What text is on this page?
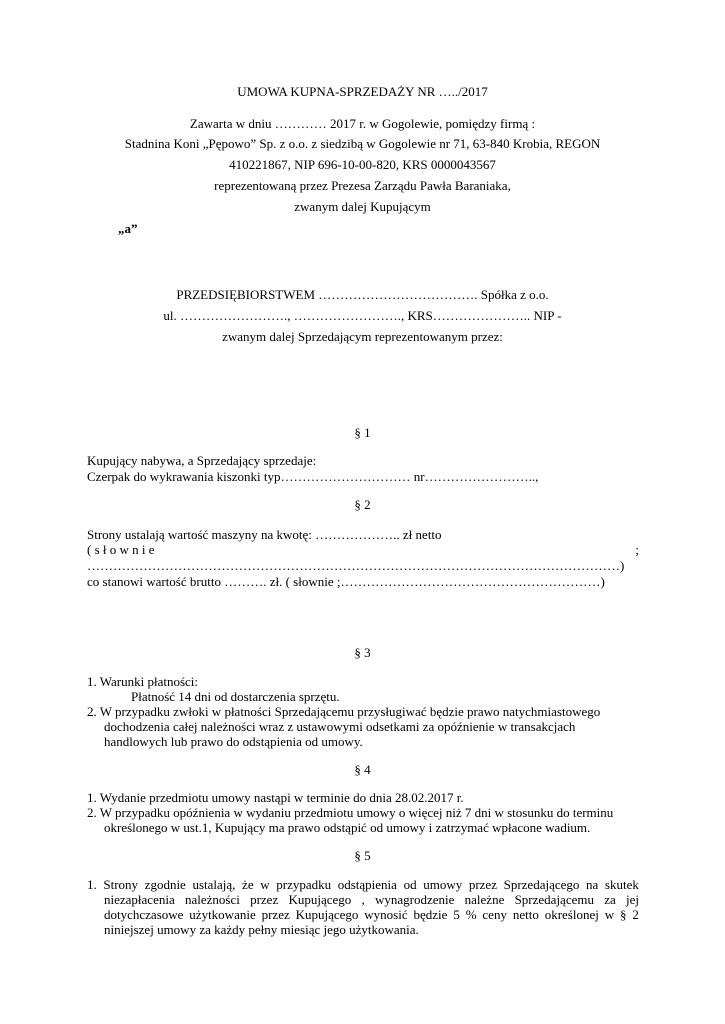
UMOWA KUPNA-SPRZEDAŻY NR …../2017

Zawarta w dniu ………… 2017 r. w Gogolewie, pomiędzy firmą :

Stadnina Koni „Pępowo” Sp. z o.o. z siedzibą w Gogolewie nr 71, 63-840 Krobia, REGON

410221867, NIP 696-10-00-820, KRS 0000043567

reprezentowaną przez Prezesa Zarządu Pawła Baraniaka,

zwanym dalej Kupującym

„a”

PRZEDSIĘBIORSTWEM ………………………………. Spółka z o.o.

ul. ……………………., ……………………., KRS………………….. NIP -

zwanym dalej Sprzedającym reprezentowanym przez:

§ 1

Kupujący nabywa, a Sprzedający sprzedaje:

Czerpak do wykrawania kiszonki typ………………………… nr……………………..,

§ 2

Strony ustalają wartość maszyny na kwotę: ……………….. zł netto

( s ł o w n i e	;

……………………………………………………………………………………………………………)

co stanowi wartość brutto ………. zł. ( słownie ;……………………………………………………)

§ 3

1. Warunki płatności:

Płatność 14 dni od dostarczenia sprzętu.

2. W przypadku zwłoki w płatności Sprzedającemu przysługiwać będzie prawo natychmiastowego

dochodzenia całej należności wraz z ustawowymi odsetkami za opóźnienie w transakcjach

handlowych lub prawo do odstąpienia od umowy.

§ 4

1. Wydanie przedmiotu umowy nastąpi w terminie do dnia 28.02.2017 r.

2. W przypadku opóźnienia w wydaniu przedmiotu umowy o więcej niż 7 dni w stosunku do terminu

określonego w ust.1, Kupujący ma prawo odstąpić od umowy i zatrzymać wpłacone wadium.

§ 5

1. Strony zgodnie ustalają, że w przypadku odstąpienia od umowy przez Sprzedającego na skutek
niezapłacenia należności przez Kupującego , wynagrodzenie należne Sprzedającemu za jej
dotychczasowe użytkowanie przez Kupującego wynosić będzie 5 % ceny netto określonej w § 2

niniejszej umowy za każdy pełny miesiąc jego użytkowania.
